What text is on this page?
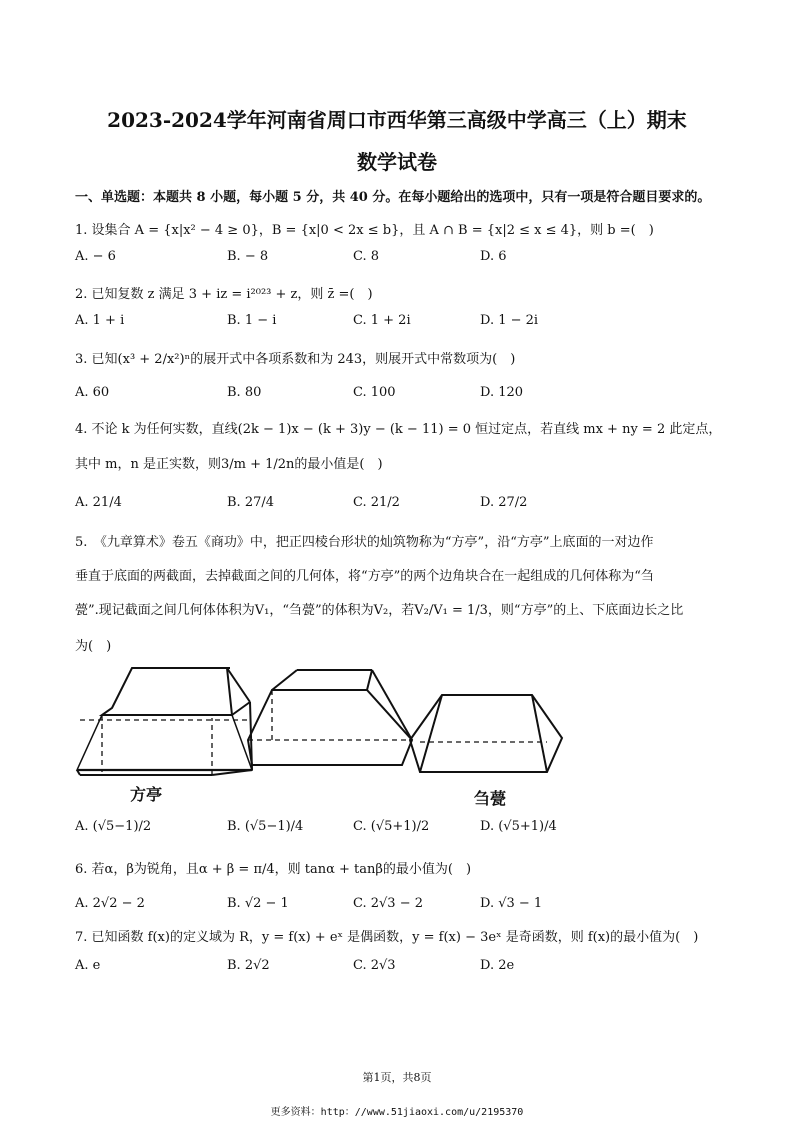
2023-2024学年河南省周口市西华第三高级中学高三（上）期末
数学试卷
一、单选题：本题共 8 小题，每小题 5 分，共 40 分。在每小题给出的选项中，只有一项是符合题目要求的。
1. 设集合 A = {x|x² − 4 ≥ 0}，B = {x|0 < 2x ≤ b}，且 A ∩ B = {x|2 ≤ x ≤ 4}，则 b =(　)
A. − 6	B. − 8	C. 8	D. 6
2. 已知复数 z 满足 3 + iz = i²⁰²³ + z，则 z̄ =(　)
A. 1 + i	B. 1 − i	C. 1 + 2i	D. 1 − 2i
3. 已知(x³ + 2/x²)ⁿ的展开式中各项系数和为 243，则展开式中常数项为(　)
A. 60	B. 80	C. 100	D. 120
4. 不论 k 为任何实数，直线(2k − 1)x − (k + 3)y − (k − 11) = 0 恒过定点，若直线 mx + ny = 2 此定点，
其中 m，n 是正实数，则3/m + 1/2n的最小值是(　)
A. 21/4	B. 27/4	C. 21/2	D. 27/2
5.　《九章算术》卷五《商功》中，把正四棱台形状的灿筑物称为“方亭”，沿“方亭”上底面的一对边作
垂直于底面的两截面，去掉截面之间的几何体，将“方亭”的两个边角块合在一起组成的几何体称为“刍
甍”.现记截面之间几何体体积为V₁，“刍甍”的体积为V₂，若V₂/V₁ = 1/3，则“方亭”的上、下底面边长之比
为(　)
方亭	刍甍
A. (√5−1)/2	B. (√5−1)/4	C. (√5+1)/2	D. (√5+1)/4
6. 若α，β为锐角，且α + β = π/4，则 tanα + tanβ的最小值为(　)
A. 2√2 − 2	B. √2 − 1	C. 2√3 − 2	D. √3 − 1
7. 已知函数 f(x)的定义域为 R，y = f(x) + eˣ 是偶函数，y = f(x) − 3eˣ 是奇函数，则 f(x)的最小值为(　)
A. e	B. 2√2	C. 2√3	D. 2e
第1页，共8页
更多资料：http：//www.51jiaoxi.com/u/2195370
